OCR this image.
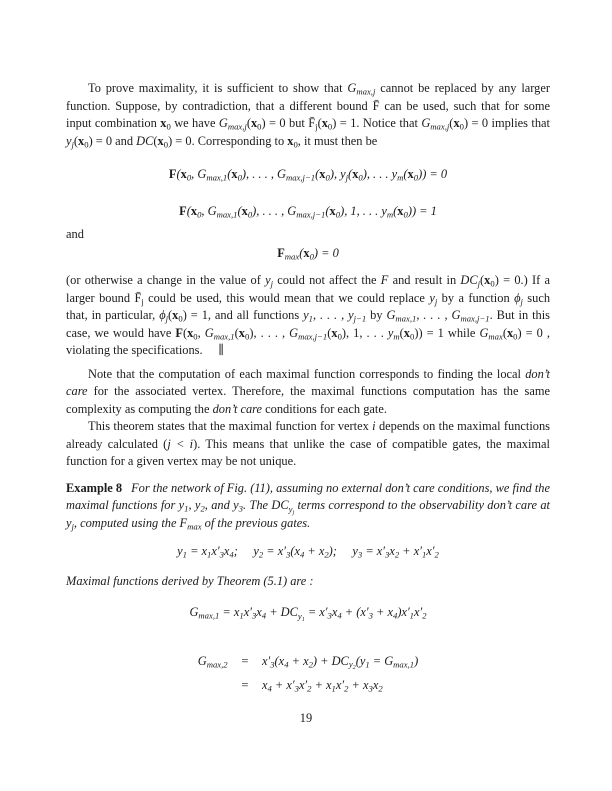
To prove maximality, it is sufficient to show that $G_{max,j}$ cannot be replaced by any larger function. Suppose, by contradiction, that a different bound F̄ can be used, such that for some input combination $x_0$ we have $G_{max,j}(x_0) = 0$ but $F̄_j(x_0) = 1$. Notice that $G_{max,j}(x_0) = 0$ implies that $y_j(x_0) = 0$ and $DC(x_0) = 0$. Corresponding to $x_0$, it must then be

$F(x_0$, $G_{max,1}(x_0)$, . . . , $G_{max,j-1}(x_0)$, $y_j(x_0)$, . . . $y_m(x_0)) = 0$

$F(x_0$, $G_{max,1}(x_0)$, . . . , $G_{max,j-1}(x_0)$, 1, . . . $y_m(x_0)) = 1$

and

$F_{max}(x_0) = 0$

(or otherwise a change in the value of $y_j$ could not affect the F and result in $DC_j(x_0) = 0$.) If a larger bound $F̄_j$ could be used, this would mean that we could replace $y_j$ by a function $\phi_j$ such that, in particular, $\phi_j(x_0) = 1$, and all functions $y_1$, . . . , $y_{j-1}$ by $G_{max,1}$, . . . , $G_{max,j-1}$. But in this case, we would have $F(x_0$, $G_{max,1}(x_0)$, . . . , $G_{max,j-1}(x_0)$, 1, . . . $y_m(x_0)) = 1$ while $G_{max}(x_0) = 0$ , violating the specifications.  ∥

Note that the computation of each maximal function corresponds to finding the local don’t care for the associated vertex. Therefore, the maximal functions computation has the same complexity as computing the don’t care conditions for each gate.

This theorem states that the maximal function for vertex i depends on the maximal functions already calculated (j < i). This means that unlike the case of compatible gates, the maximal function for a given vertex may be not unique.

Example 8 For the network of Fig. (11), assuming no external don’t care conditions, we find the maximal functions for $y_1$, $y_2$, and $y_3$. The $DC_{y_j}$ terms correspond to the observability don’t care at $y_j$, computed using the $F_{max}$ of the previous gates.

$y_1 = x_1x'_3x_4$;  $y_2 = x'_3(x_4 + x_2)$;  $y_3 = x'_3x_2 + x'_1x'_2$

Maximal functions derived by Theorem (5.1) are :

$G_{max,1} = x_1x'_3x_4 + DC_{y_1} = x'_3x_4 + (x'_3 + x_4)x'_1x'_2$

$G_{max,2} = x'_3(x_4 + x_2) + DC_{y_2}(y_1 = G_{max,1})$
= $x_4 + x'_3x'_2 + x_1x'_2 + x_3x_2$
19
